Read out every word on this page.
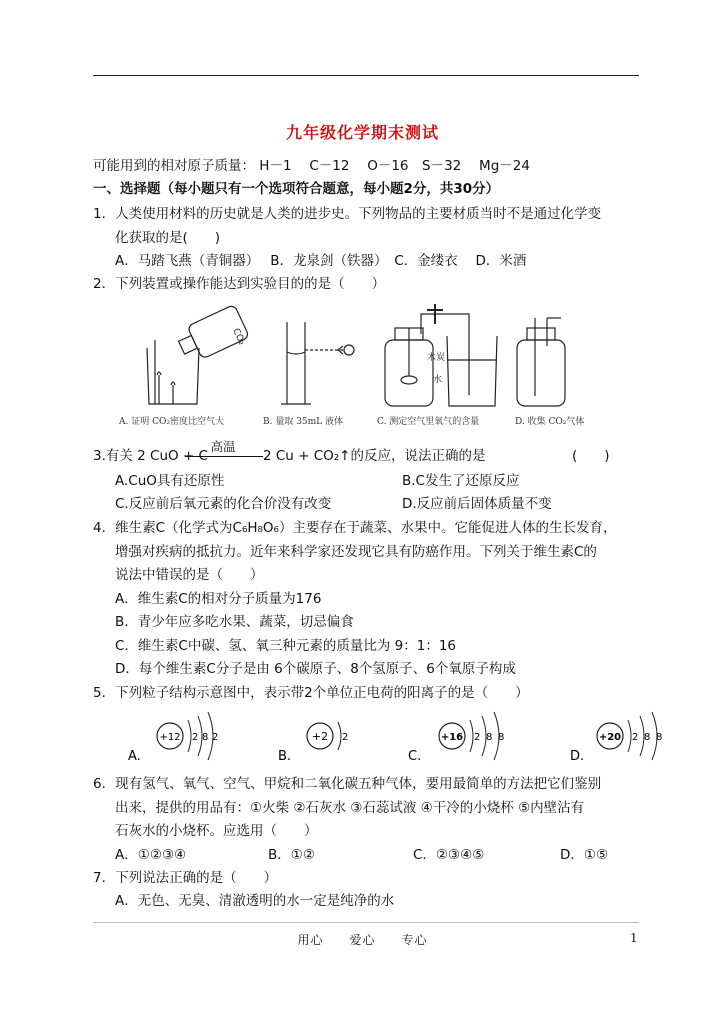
九年级化学期末测试
可能用到的相对原子质量： H－1　 C－12　 O－16　S－32　 Mg－24
一、选择题（每小题只有一个选项符合题意，每小题2分，共30分）
1．人类使用材料的历史就是人类的进步史。下列物品的主要材质当时不是通过化学变
化获取的是(　　)
A．马踏飞燕（青铜器）　 B．龙泉剑（铁器）　C．金缕衣　 D．米酒
2．下列装置或操作能达到实验目的的是（　　）
CO₂
木炭
水
A. 证明 CO₂密度比空气大	B. 量取 35mL 液体	C. 测定空气里氧气的含量	D. 收集 CO₂气体
3.有关 2 CuO + C
高温
2 Cu + CO₂↑的反应，说法正确的是	(　　)
A.CuO具有还原性	B.C发生了还原反应
C.反应前后氧元素的化合价没有改变	D.反应前后固体质量不变
4．维生素C（化学式为C₆H₈O₆）主要存在于蔬菜、水果中。它能促进人体的生长发育，
增强对疾病的抵抗力。近年来科学家还发现它具有防癌作用。下列关于维生素C的
说法中错误的是（　　）
A．维生素C的相对分子质量为176
B．青少年应多吃水果、蔬菜，切忌偏食
C．维生素C中碳、氢、氧三种元素的质量比为 9：1：16
D．每个维生素C分子是由 6个碳原子、8个氢原子、6个氧原子构成
5．下列粒子结构示意图中，表示带2个单位正电荷的阳离子的是（　　）
A.
+12 2 8 2
B.
+2 2
C.
+16 2 8 8
D.
+20 2 8 8
6．现有氢气、氧气、空气、甲烷和二氧化碳五种气体，要用最简单的方法把它们鉴别
出来，提供的用品有：①火柴 ②石灰水 ③石蕊试液 ④干冷的小烧杯 ⑤内壁沾有
石灰水的小烧杯。应选用（　　）
A．①②③④	B．①②	C．②③④⑤	D．①⑤
7．下列说法正确的是（　　）
A．无色、无臭、清澈透明的水一定是纯净的水
用心　　爱心　　专心	1
